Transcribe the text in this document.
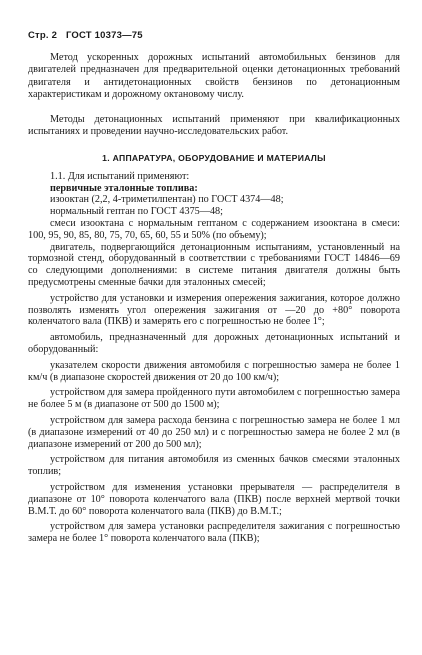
Стр. 2 ГОСТ 10373—75

Метод ускоренных дорожных испытаний автомобильных бензинов для двигателей предназначен для предварительной оценки детонационных требований двигателя и антидетонационных свойств бензинов по детонационным характеристикам и дорожному октановому числу.

Методы детонационных испытаний применяют при квалификационных испытаниях и проведении научно-исследовательских работ.

1. АППАРАТУРА, ОБОРУДОВАНИЕ И МАТЕРИАЛЫ

1.1. Для испытаний применяют:

первичные эталонные топлива:

изооктан (2,2, 4-триметилпентан) по ГОСТ 4374—48;

нормальный гептан по ГОСТ 4375—48;

смеси изооктана с нормальным гептаном с содержанием изооктана в смеси: 100, 95, 90, 85, 80, 75, 70, 65, 60, 55 и 50% (по объему);

двигатель, подвергающийся детонационным испытаниям, установленный на тормозной стенд, оборудованный в соответствии с требованиями ГОСТ 14846—69 со следующими дополнениями: в системе питания двигателя должны быть предусмотрены сменные бачки для эталонных смесей;

устройство для установки и измерения опережения зажигания, которое должно позволять изменять угол опережения зажигания от —20 до +80° поворота коленчатого вала (ПКВ) и замерять его с погрешностью не более 1°;

автомобиль, предназначенный для дорожных детонационных испытаний и оборудованный:

указателем скорости движения автомобиля с погрешностью замера не более 1 км/ч (в диапазоне скоростей движения от 20 до 100 км/ч);

устройством для замера пройденного пути автомобилем с погрешностью замера не более 5 м (в диапазоне от 500 до 1500 м);

устройством для замера расхода бензина с погрешностью замера не более 1 мл (в диапазоне измерений от 40 до 250 мл) и с погрешностью замера не более 2 мл (в диапазоне измерений от 200 до 500 мл);

устройством для питания автомобиля из сменных бачков смесями эталонных топлив;

устройством для изменения установки прерывателя — распределителя в диапазоне от 10° поворота коленчатого вала (ПКВ) после верхней мертвой точки В.М.Т. до 60° поворота коленчатого вала (ПКВ) до В.М.Т.;

устройством для замера установки распределителя зажигания с погрешностью замера не более 1° поворота коленчатого вала (ПКВ);
